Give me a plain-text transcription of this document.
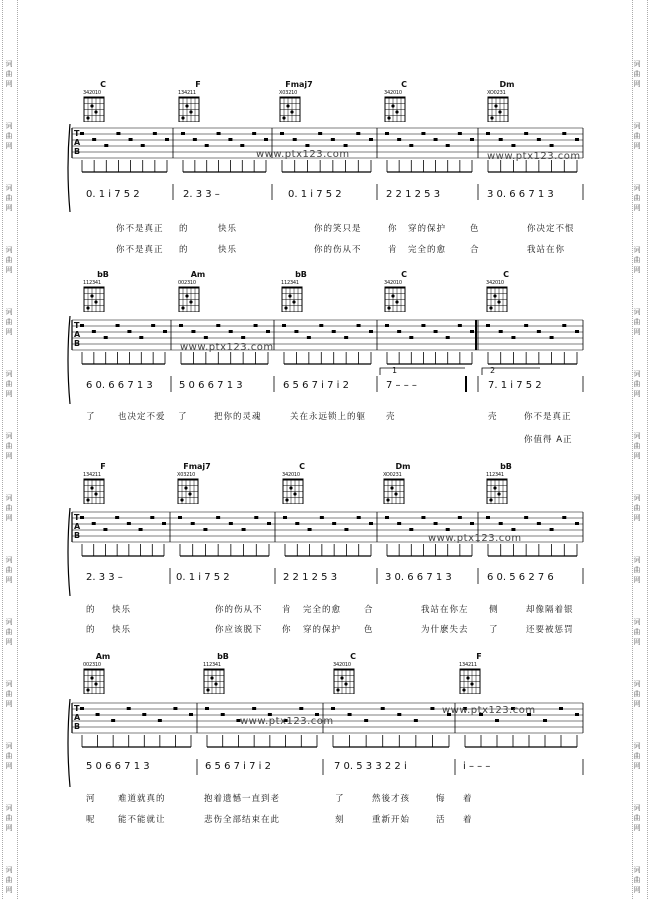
词
曲
网
词
曲
网
词
曲
网
词
曲
网
词
曲
网
词
曲
网
词
曲
网
词
曲
网
词
曲
网
词
曲
网
词
曲
网
词
曲
网
词
曲
网
词
曲
网
词
曲
网
词
曲
网
词
曲
网
词
曲
网
词
曲
网
词
曲
网
词
曲
网
词
曲
网
词
曲
网
词
曲
网
词
曲
网
词
曲
网
词
曲
网
词
曲
网
C
342010
F
134211
Fmaj7
X03210
C
342010
Dm
XO0231
www.ptx123.com	www.ptx123.com
0. 1 i 7 5 2	2. 3 3 –	0. 1 i 7 5 2	2 2 1 2 5 3	3 0. 6 6 7 1 3
你不是真正 的	快乐	你的笑只是	你 穿的保护	色	你决定不恨
你不是真正 的	快乐	你的伤从不	肯 完全的愈	合	我站在你
bB
112341
Am
002310
bB
112341
C
342010
C
342010
www.ptx123.com
6 0. 6 6 7 1 3	5 0 6 6 7 1 3	6 5 6 7 i 7 i 2	7 – – –	7. 1 i 7 5 2
1	2
了	也决定不爱 了	把你的灵魂	关在永远锁上的躯 壳	壳	你不是真正
你值得 A正
F
134211
Fmaj7
X03210
C
342010
Dm
XO0231
bB
112341
www.ptx123.com
2. 3 3 –	0. 1 i 7 5 2	2 2 1 2 5 3	3 0. 6 6 7 1 3	6 0. 5 6 2 7 6
的 快乐	你的伤从不 肯 完全的愈	合	我站在你左 侧	却像隔着银
的 快乐	你应该脱下 你 穿的保护	色	为什麽失去 了	还要被惩罚
Am
002310
bB
112341
C
342010
F
134211
www.ptx123.com
www.ptx123.com
5 0 6 6 7 1 3	6 5 6 7 i 7 i 2	7 0. 5 3 3 2 2 i	i – – –
河	难道就真的	抱着遗憾一直到老	了	然後才孩	悔 着
呢	能不能就让	悲伤全部结束在此	刻	重新开始	活 着
T
A
B
T
A
B
T
A
B
T
A
B
